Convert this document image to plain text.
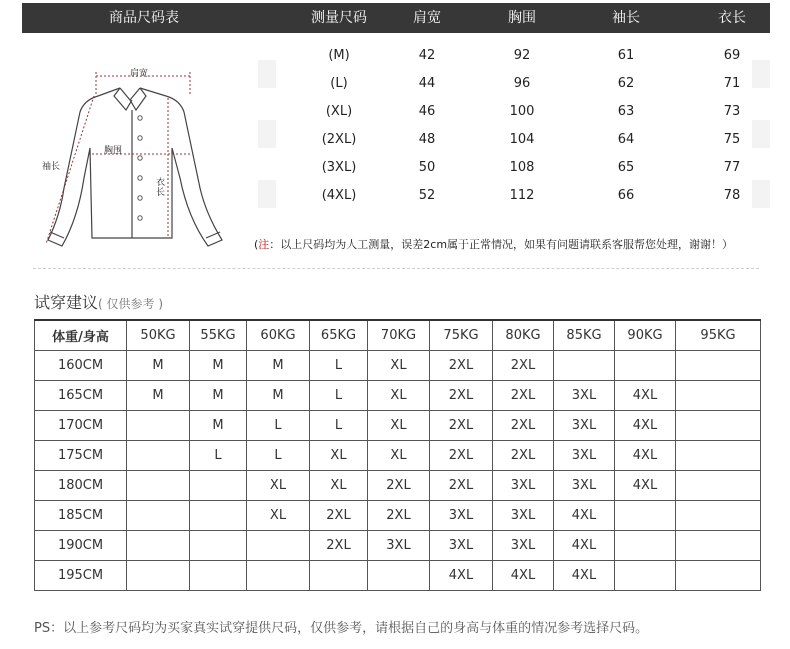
商品尺码表	测量尺码	肩宽	胸围	袖长	衣长
肩宽
胸围
袖长
衣长
(M)	42	92	61	69
(L)	44	96	62	71
(XL)	46	100	63	73
(2XL)	48	104	64	75
(3XL)	50	108	65	77
(4XL)	52	112	66	78
(注：以上尺码均为人工测量，误差2cm属于正常情况，如果有问题请联系客服帮您处理，谢谢！）
试穿建议( 仅供参考 )
体重/身高	50KG	55KG	60KG	65KG	70KG	75KG	80KG	85KG	90KG	95KG
160CM	M	M	M	L	XL	2XL	2XL			
165CM	M	M	M	L	XL	2XL	2XL	3XL	4XL	
170CM		M	L	L	XL	2XL	2XL	3XL	4XL	
175CM		L	L	XL	XL	2XL	2XL	3XL	4XL	
180CM			XL	XL	2XL	2XL	3XL	3XL	4XL	
185CM			XL	2XL	2XL	3XL	3XL	4XL		
190CM				2XL	3XL	3XL	3XL	4XL		
195CM						4XL	4XL	4XL		
PS：以上参考尺码均为买家真实试穿提供尺码，仅供参考，请根据自己的身高与体重的情况参考选择尺码。
